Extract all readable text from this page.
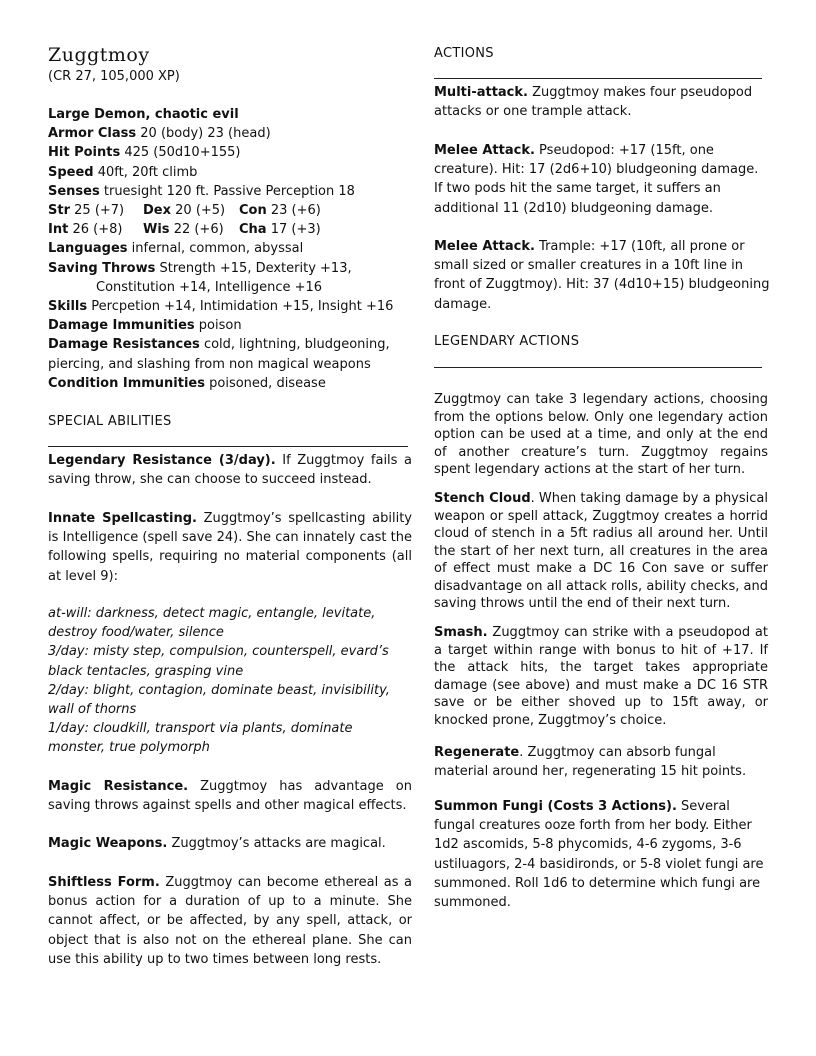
Zuggtmoy
(CR 27, 105,000 XP)
Large Demon, chaotic evil
Armor Class 20 (body) 23 (head)
Hit Points 425 (50d10+155)
Speed 40ft, 20ft climb
Senses truesight 120 ft. Passive Perception 18
Str 25 (+7) Dex 20 (+5) Con 23 (+6)
Int 26 (+8) Wis 22 (+6) Cha 17 (+3)
Languages infernal, common, abyssal
Saving Throws Strength +15, Dexterity +13,
Constitution +14, Intelligence +16
Skills Percpetion +14, Intimidation +15, Insight +16
Damage Immunities poison
Damage Resistances cold, lightning, bludgeoning,
piercing, and slashing from non magical weapons
Condition Immunities poisoned, disease
SPECIAL ABILITIES

Legendary Resistance (3/day). If Zuggtmoy fails a saving throw, she can choose to succeed instead.

Innate Spellcasting. Zuggtmoy’s spellcasting ability is Intelligence (spell save 24). She can innately cast the following spells, requiring no material components (all at level 9):

at-will: darkness, detect magic, entangle, levitate, destroy food/water, silence
3/day: misty step, compulsion, counterspell, evard’s black tentacles, grasping vine
2/day: blight, contagion, dominate beast, invisibility, wall of thorns
1/day: cloudkill, transport via plants, dominate monster, true polymorph

Magic Resistance. Zuggtmoy has advantage on saving throws against spells and other magical effects.

Magic Weapons. Zuggtmoy’s attacks are magical.

Shiftless Form. Zuggtmoy can become ethereal as a bonus action for a duration of up to a minute. She cannot affect, or be affected, by any spell, attack, or object that is also not on the ethereal plane. She can use this ability up to two times between long rests.

ACTIONS

Multi-attack. Zuggtmoy makes four pseudopod attacks or one trample attack.

Melee Attack. Pseudopod: +17 (15ft, one creature). Hit: 17 (2d6+10) bludgeoning damage. If two pods hit the same target, it suffers an additional 11 (2d10) bludgeoning damage.

Melee Attack. Trample: +17 (10ft, all prone or small sized or smaller creatures in a 10ft line in front of Zuggtmoy). Hit: 37 (4d10+15) bludgeoning damage.

LEGENDARY ACTIONS

Zuggtmoy can take 3 legendary actions, choosing from the options below. Only one legendary action option can be used at a time, and only at the end of another creature’s turn. Zuggtmoy regains spent legendary actions at the start of her turn.

Stench Cloud. When taking damage by a physical weapon or spell attack, Zuggtmoy creates a horrid cloud of stench in a 5ft radius all around her. Until the start of her next turn, all creatures in the area of effect must make a DC 16 Con save or suffer disadvantage on all attack rolls, ability checks, and saving throws until the end of their next turn.

Smash. Zuggtmoy can strike with a pseudopod at a target within range with bonus to hit of +17. If the attack hits, the target takes appropriate damage (see above) and must make a DC 16 STR save or be either shoved up to 15ft away, or knocked prone, Zuggtmoy’s choice.

Regenerate. Zuggtmoy can absorb fungal material around her, regenerating 15 hit points.

Summon Fungi (Costs 3 Actions). Several fungal creatures ooze forth from her body. Either 1d2 ascomids, 5-8 phycomids, 4-6 zygoms, 3-6 ustiluagors, 2-4 basidironds, or 5-8 violet fungi are summoned. Roll 1d6 to determine which fungi are summoned.
